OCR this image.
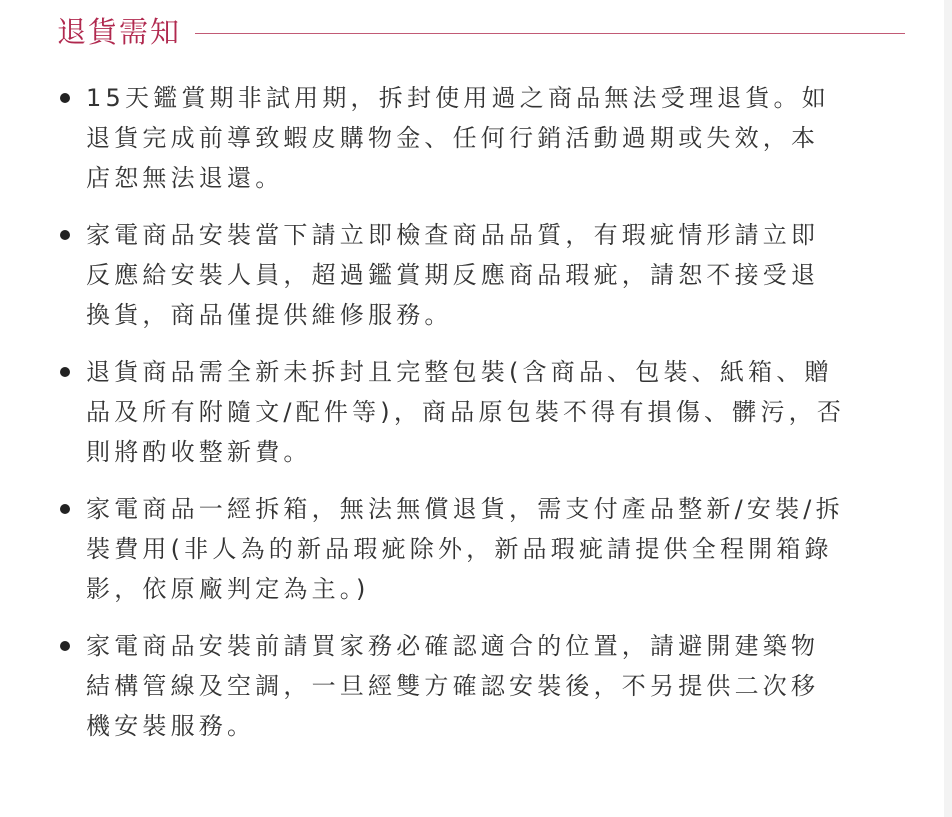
退貨需知
15天鑑賞期非試用期，拆封使用過之商品無法受理退貨。如
退貨完成前導致蝦皮購物金、任何行銷活動過期或失效，本
店恕無法退還。
家電商品安裝當下請立即檢查商品品質，有瑕疵情形請立即
反應給安裝人員，超過鑑賞期反應商品瑕疵，請恕不接受退
換貨，商品僅提供維修服務。
退貨商品需全新未拆封且完整包裝(含商品、包裝、紙箱、贈
品及所有附隨文/配件等)，商品原包裝不得有損傷、髒污，否
則將酌收整新費。
家電商品一經拆箱，無法無償退貨，需支付產品整新/安裝/拆
裝費用(非人為的新品瑕疵除外，新品瑕疵請提供全程開箱錄
影，依原廠判定為主。)
家電商品安裝前請買家務必確認適合的位置，請避開建築物
結構管線及空調，一旦經雙方確認安裝後，不另提供二次移
機安裝服務。
